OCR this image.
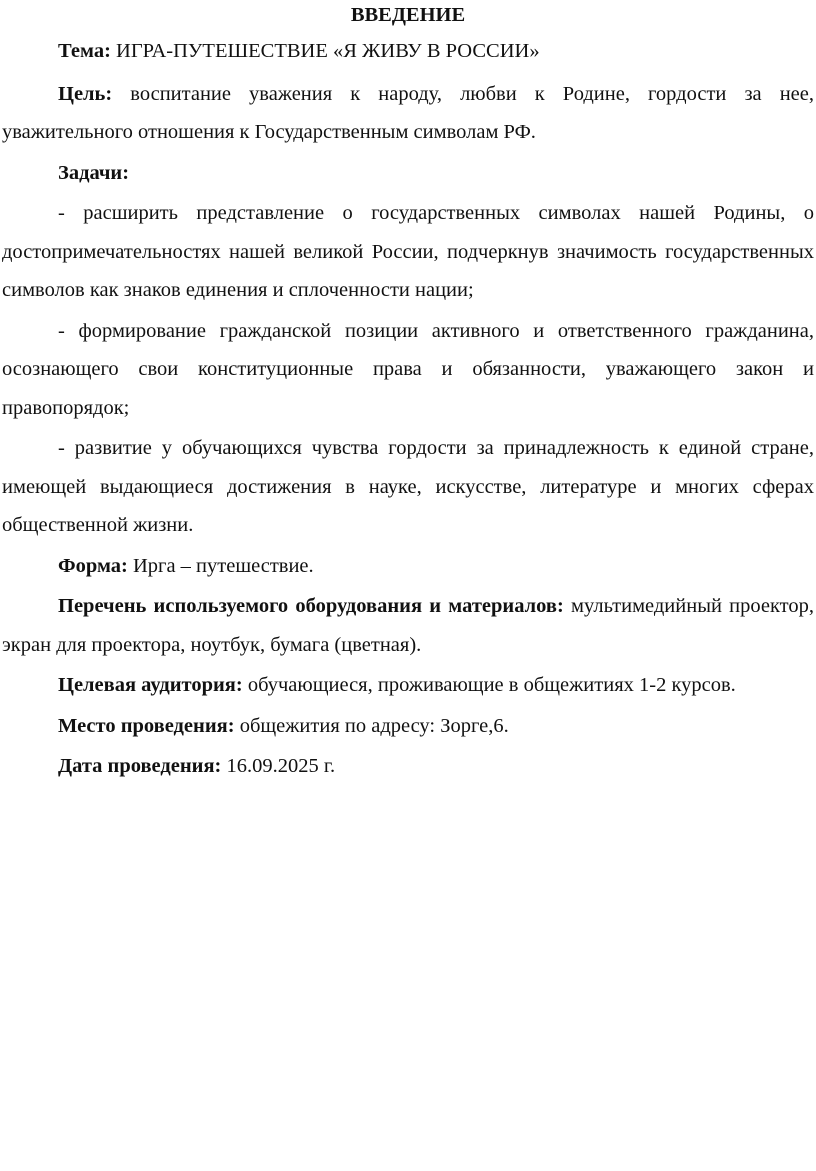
ВВЕДЕНИЕ

Тема: ИГРА-ПУТЕШЕСТВИЕ «Я ЖИВУ В РОССИИ»

Цель: воспитание уважения к народу, любви к Родине, гордости за нее, уважительного отношения к Государственным символам РФ.

Задачи:

- расширить представление о государственных символах нашей Родины, о достопримечательностях нашей великой России, подчеркнув значимость государственных символов как знаков единения и сплоченности нации;

- формирование гражданской позиции активного и ответственного гражданина, осознающего свои конституционные права и обязанности, уважающего закон и правопорядок;

- развитие у обучающихся чувства гордости за принадлежность к единой стране, имеющей выдающиеся достижения в науке, искусстве, литературе и многих сферах общественной жизни.

Форма: Ирга – путешествие.

Перечень используемого оборудования и материалов: мультимедийный проектор, экран для проектора, ноутбук, бумага (цветная).

Целевая аудитория: обучающиеся, проживающие в общежитиях 1-2 курсов.

Место проведения: общежития по адресу: Зорге,6.

Дата проведения: 16.09.2025 г.
